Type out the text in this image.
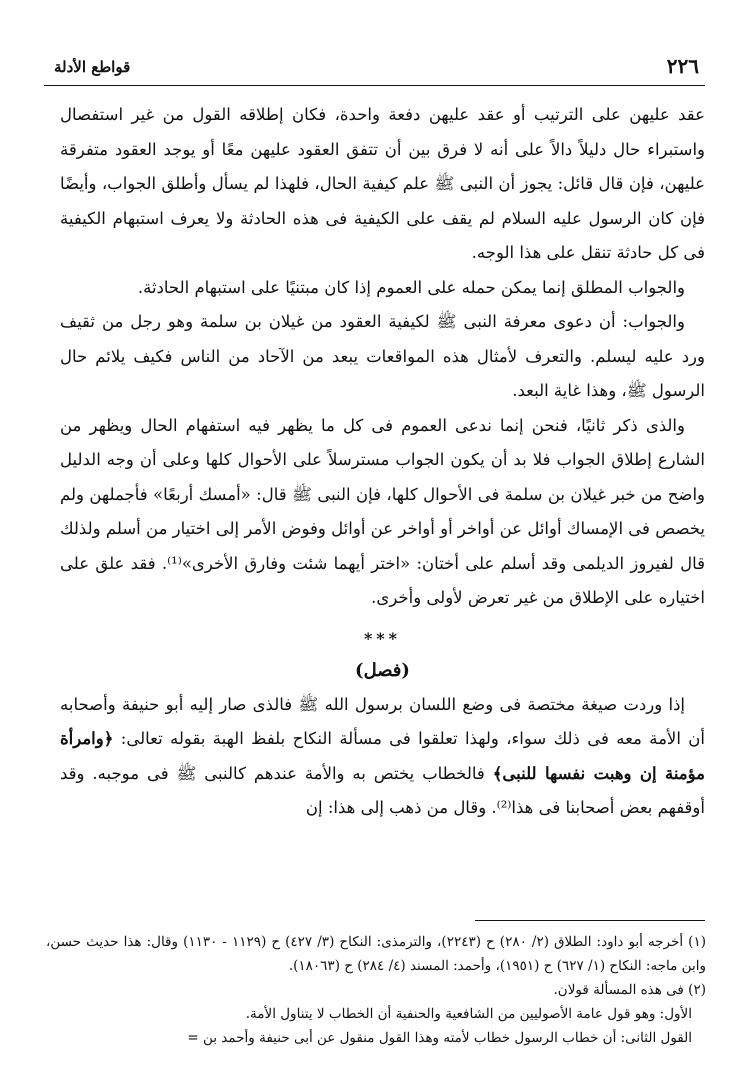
٢٢٦
قواطع الأدلة

عقد عليهن على الترتيب أو عقد عليهن دفعة واحدة، فكان إطلاقه القول من غير استفصال واستبراء حال دليلاً دالاً على أنه لا فرق بين أن تتفق العقود عليهن معًا أو يوجد العقود متفرقة عليهن، فإن قال قائل: يجوز أن النبى ﷺ علم كيفية الحال، فلهذا لم يسأل وأطلق الجواب، وأيضًا فإن كان الرسول عليه السلام لم يقف على الكيفية فى هذه الحادثة ولا يعرف استبهام الكيفية فى كل حادثة تنقل على هذا الوجه.

والجواب المطلق إنما يمكن حمله على العموم إذا كان مبتنيًا على استبهام الحادثة.

والجواب: أن دعوى معرفة النبى ﷺ لكيفية العقود من غيلان بن سلمة وهو رجل من ثقيف ورد عليه ليسلم. والتعرف لأمثال هذه المواقعات يبعد من الآحاد من الناس فكيف يلائم حال الرسول ﷺ، وهذا غاية البعد.

والذى ذكر ثانيًا، فنحن إنما ندعى العموم فى كل ما يظهر فيه استفهام الحال ويظهر من الشارع إطلاق الجواب فلا بد أن يكون الجواب مسترسلاً على الأحوال كلها وعلى أن وجه الدليل واضح من خبر غيلان بن سلمة فى الأحوال كلها، فإن النبى ﷺ قال: «أمسك أربعًا» فأجملهن ولم يخصص فى الإمساك أوائل عن أواخر أو أواخر عن أوائل وفوض الأمر إلى اختيار من أسلم ولذلك قال لفيروز الديلمى وقد أسلم على أختان: «اختر أيهما شئت وفارق الأخرى»⁽¹⁾. فقد علق على اختياره على الإطلاق من غير تعرض لأولى وأخرى.

***
(فصل)

إذا وردت صيغة مختصة فى وضع اللسان برسول الله ﷺ فالذى صار إليه أبو حنيفة وأصحابه أن الأمة معه فى ذلك سواء، ولهذا تعلقوا فى مسألة النكاح بلفظ الهبة بقوله تعالى: ﴿وامرأة مؤمنة إن وهبت نفسها للنبى﴾ فالخطاب يختص به والأمة عندهم كالنبى ﷺ فى موجبه. وقد أوقفهم بعض أصحابنا فى هذا⁽²⁾. وقال من ذهب إلى هذا: إن

(١) أخرجه أبو داود: الطلاق (٢/ ٢٨٠) ح (٢٢٤٣)، والترمذى: النكاح (٣/ ٤٢٧) ح (١١٢٩ - ١١٣٠) وقال: هذا حديث حسن، وابن ماجه: النكاح (١/ ٦٢٧) ح (١٩٥١)، وأحمد: المسند (٤/ ٢٨٤) ح (١٨٠٦٣).

(٢) فى هذه المسألة قولان.

الأول: وهو قول عامة الأصوليين من الشافعية والحنفية أن الخطاب لا يتناول الأمة.

القول الثانى: أن خطاب الرسول خطاب لأمته وهذا القول منقول عن أبى حنيفة وأحمد بن =
